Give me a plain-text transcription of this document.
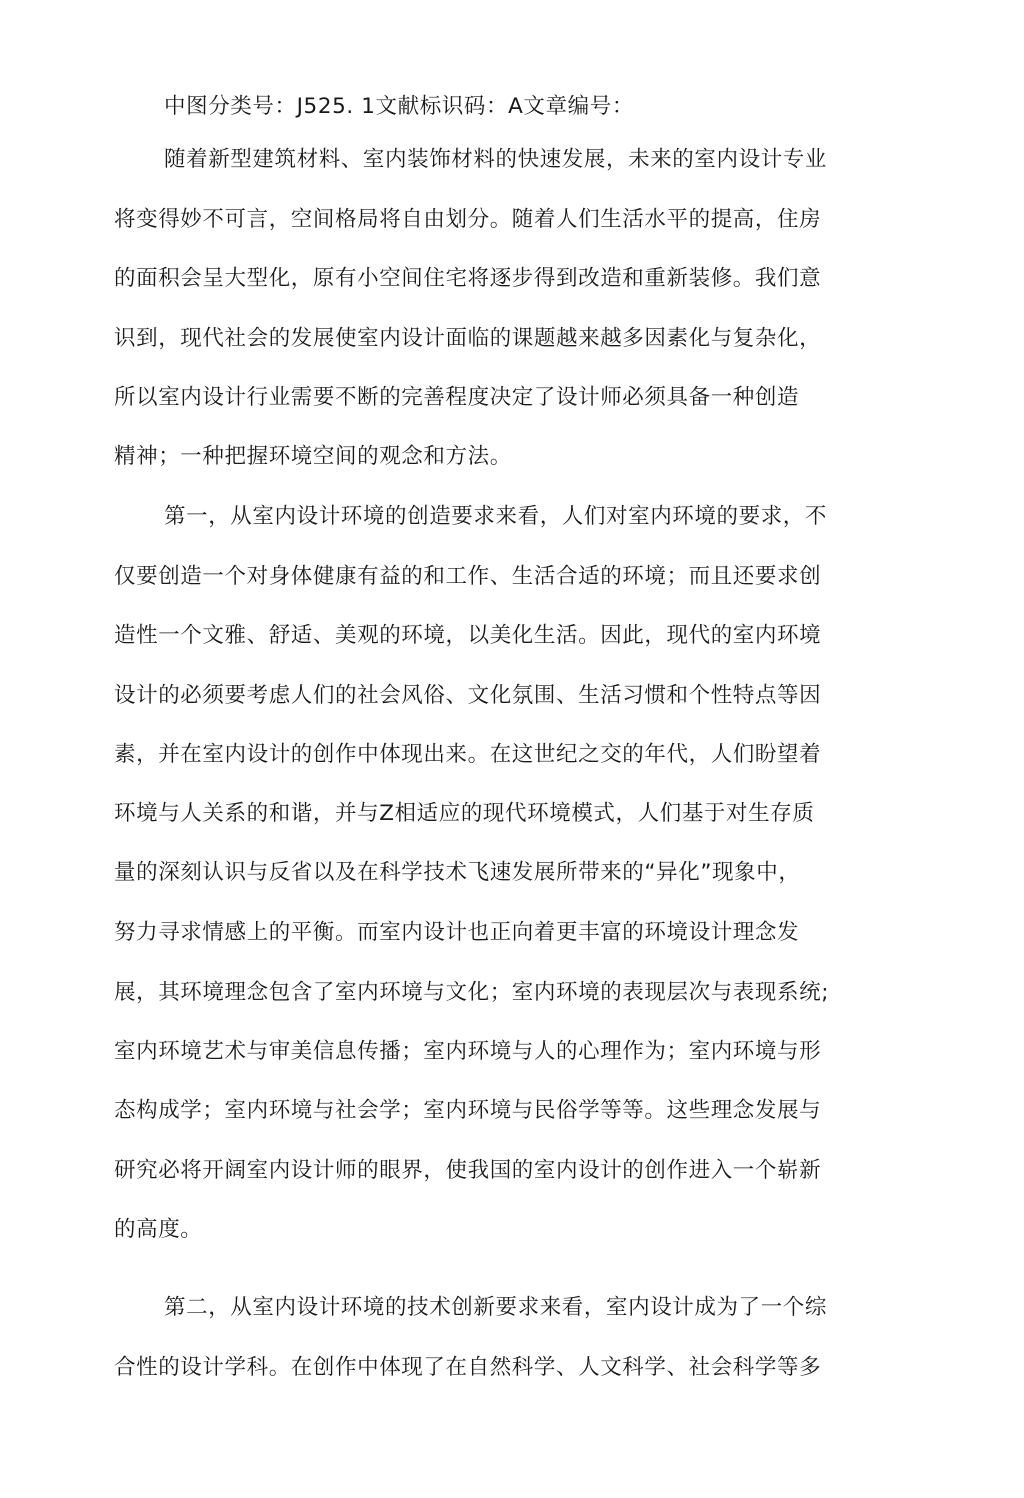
中图分类号：J525. 1文献标识码：A文章编号：
随着新型建筑材料、室内装饰材料的快速发展，未来的室内设计专业
将变得妙不可言，空间格局将自由划分。随着人们生活水平的提高，住房
的面积会呈大型化，原有小空间住宅将逐步得到改造和重新装修。我们意
识到，现代社会的发展使室内设计面临的课题越来越多因素化与复杂化，
所以室内设计行业需要不断的完善程度决定了设计师必须具备一种创造
精神；一种把握环境空间的观念和方法。
第一，从室内设计环境的创造要求来看，人们对室内环境的要求，不
仅要创造一个对身体健康有益的和工作、生活合适的环境；而且还要求创
造性一个文雅、舒适、美观的环境，以美化生活。因此，现代的室内环境
设计的必须要考虑人们的社会风俗、文化氛围、生活习惯和个性特点等因
素，并在室内设计的创作中体现出来。在这世纪之交的年代，人们盼望着
环境与人关系的和谐，并与Z相适应的现代环境模式，人们基于对生存质
量的深刻认识与反省以及在科学技术飞速发展所带来的“异化”现象中，
努力寻求情感上的平衡。而室内设计也正向着更丰富的环境设计理念发
展，其环境理念包含了室内环境与文化；室内环境的表现层次与表现系统;
室内环境艺术与审美信息传播；室内环境与人的心理作为；室内环境与形
态构成学；室内环境与社会学；室内环境与民俗学等等。这些理念发展与
研究必将开阔室内设计师的眼界，使我国的室内设计的创作进入一个崭新
的高度。
第二，从室内设计环境的技术创新要求来看，室内设计成为了一个综
合性的设计学科。在创作中体现了在自然科学、人文科学、社会科学等多
